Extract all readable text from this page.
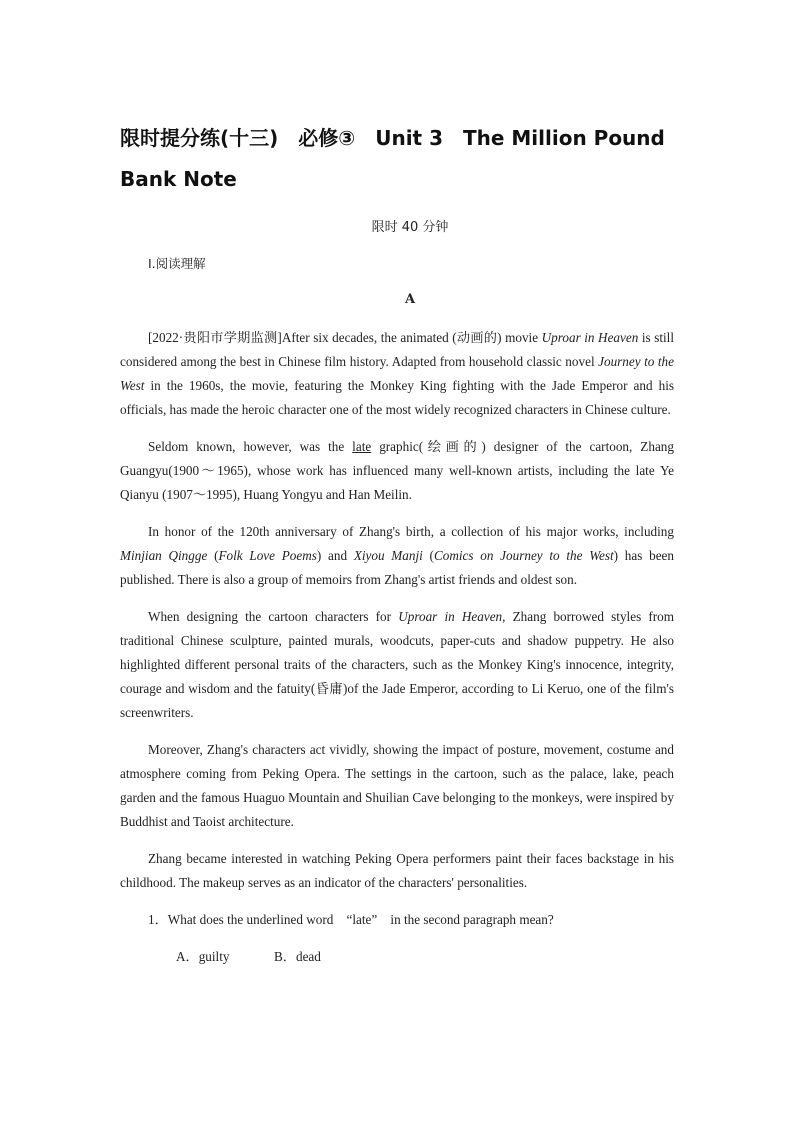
限时提分练(十三)　必修③　Unit 3　The Million Pound
Bank Note
限时 40 分钟
Ⅰ.阅读理解
A

[2022·贵阳市学期监测]After six decades, the animated (动画的) movie Uproar in Heaven is still considered among the best in Chinese film history. Adapted from household classic novel Journey to the West in the 1960s, the movie, featuring the Monkey King fighting with the Jade Emperor and his officials, has made the heroic character one of the most widely recognized characters in Chinese culture.

Seldom known, however, was the late graphic(绘画的) designer of the cartoon, Zhang Guangyu(1900～1965), whose work has influenced many well-known artists, including the late Ye Qianyu (1907～1995), Huang Yongyu and Han Meilin.

In honor of the 120th anniversary of Zhang's birth, a collection of his major works, including Minjian Qingge (Folk Love Poems) and Xiyou Manji (Comics on Journey to the West) has been published. There is also a group of memoirs from Zhang's artist friends and oldest son.

When designing the cartoon characters for Uproar in Heaven, Zhang borrowed styles from traditional Chinese sculpture, painted murals, woodcuts, paper-cuts and shadow puppetry. He also highlighted different personal traits of the characters, such as the Monkey King's innocence, integrity, courage and wisdom and the fatuity(昏庸)of the Jade Emperor, according to Li Keruo, one of the film's screenwriters.

Moreover, Zhang's characters act vividly, showing the impact of posture, movement, costume and atmosphere coming from Peking Opera. The settings in the cartoon, such as the palace, lake, peach garden and the famous Huaguo Mountain and Shuilian Cave belonging to the monkeys, were inspired by Buddhist and Taoist architecture.

Zhang became interested in watching Peking Opera performers paint their faces backstage in his childhood. The makeup serves as an indicator of the characters' personalities.

1．What does the underlined word　“late”　in the second paragraph mean?

A．guilty	B．dead
